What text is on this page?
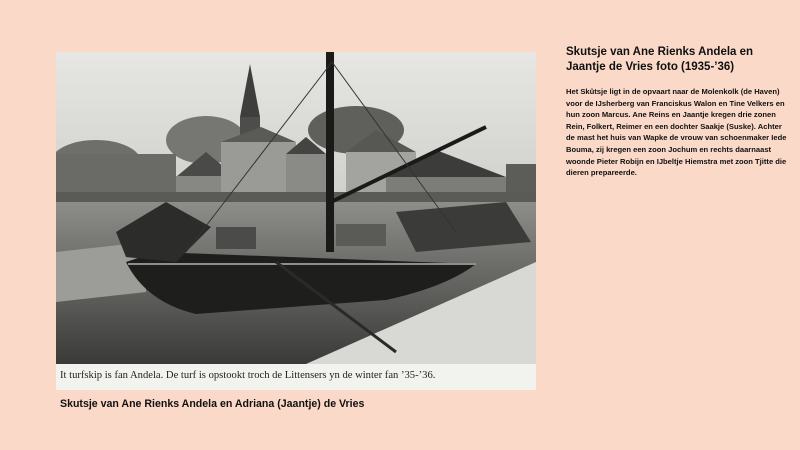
It turfskip is fan Andela. De turf is opstookt troch de Littensers yn de winter fan ’35-’36.
Skutsje van Ane Rienks Andela en Adriana (Jaantje) de Vries
Skutsje van Ane Rienks Andela en Jaantje de Vries foto (1935-’36)
Het Skûtsje ligt in de opvaart naar de Molenkolk (de Haven) voor de IJsherberg van Franciskus Walon en Tine Velkers en hun zoon Marcus. Ane Reins en Jaantje kregen drie zonen Rein, Folkert, Reimer en een dochter Saakje (Suske). Achter de mast het huis van Wapke de vrouw van schoenmaker Iede Bouma, zij kregen een zoon Jochum en rechts daarnaast woonde Pieter Robijn en IJbeltje Hiemstra met zoon Tjitte die dieren prepareerde.
